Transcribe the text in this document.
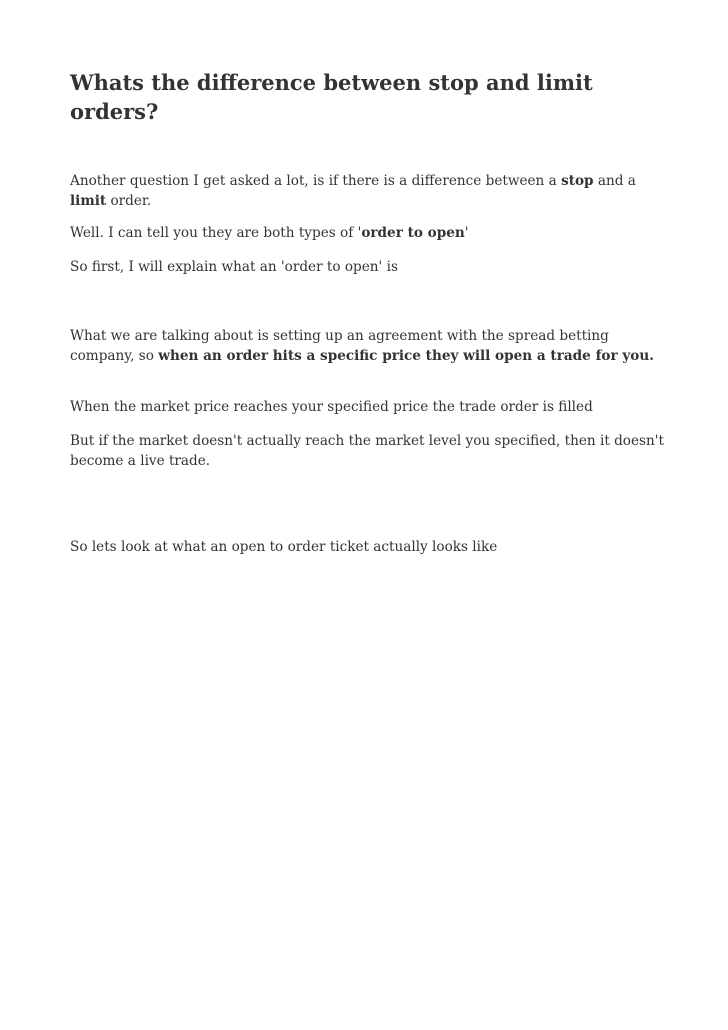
Whats the difference between stop and limit orders?

Another question I get asked a lot, is if there is a difference between a stop and a limit order.

Well. I can tell you they are both types of 'order to open'

So first, I will explain what an 'order to open' is

What we are talking about is setting up an agreement with the spread betting company, so when an order hits a specific price they will open a trade for you.

When the market price reaches your specified price the trade order is filled

But if the market doesn't actually reach the market level you specified, then it doesn't become a live trade.

So lets look at what an open to order ticket actually looks like
